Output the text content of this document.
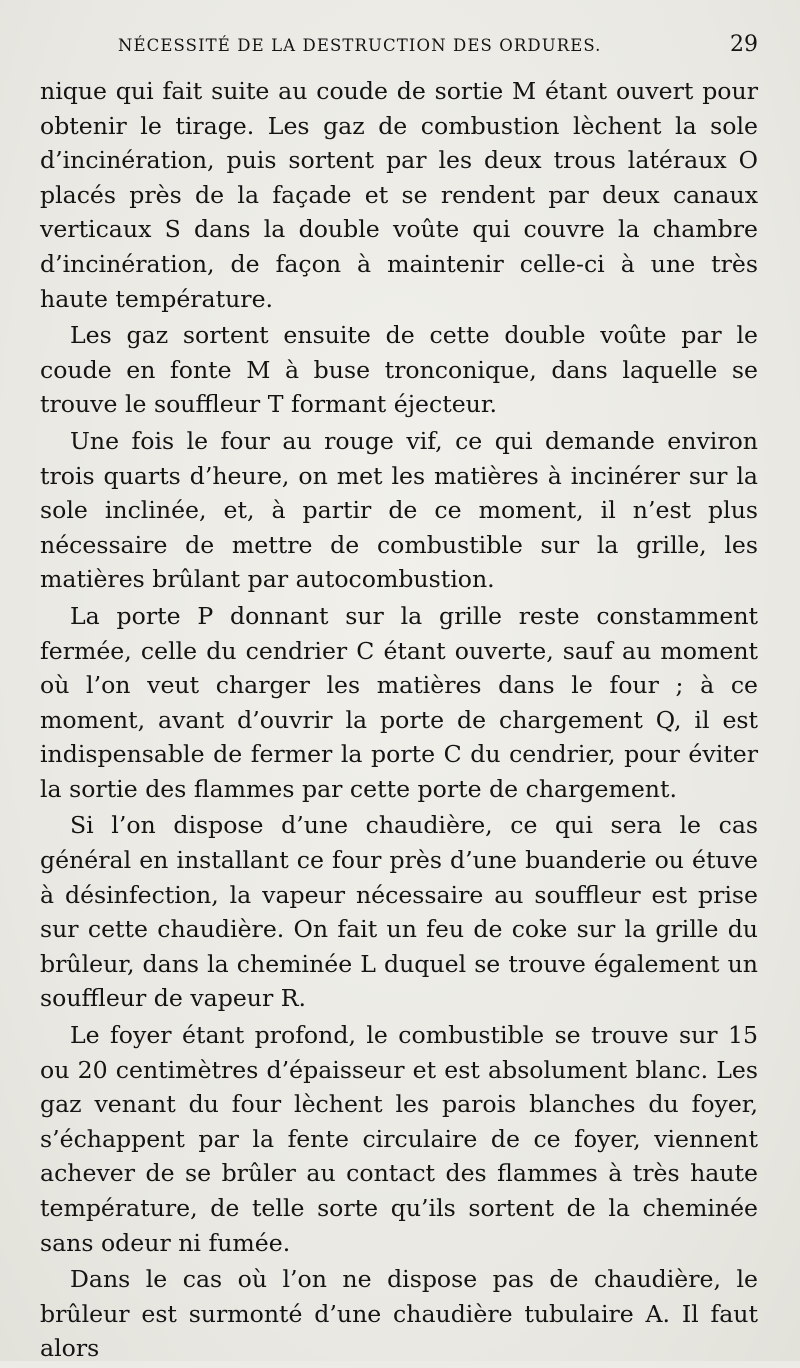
NÉCESSITÉ DE LA DESTRUCTION DES ORDURES.	29

nique qui fait suite au coude de sortie M étant ouvert pour obtenir le tirage. Les gaz de combustion lèchent la sole d’incinération, puis sortent par les deux trous latéraux O placés près de la façade et se rendent par deux canaux verticaux S dans la double voûte qui couvre la chambre d’incinération, de façon à maintenir celle-ci à une très haute température.

Les gaz sortent ensuite de cette double voûte par le coude en fonte M à buse tronconique, dans laquelle se trouve le souffleur T formant éjecteur.

Une fois le four au rouge vif, ce qui demande environ trois quarts d’heure, on met les matières à incinérer sur la sole inclinée, et, à partir de ce moment, il n’est plus nécessaire de mettre de combustible sur la grille, les matières brûlant par autocombustion.

La porte P donnant sur la grille reste constamment fermée, celle du cendrier C étant ouverte, sauf au moment où l’on veut charger les matières dans le four ; à ce moment, avant d’ouvrir la porte de chargement Q, il est indispensable de fermer la porte C du cendrier, pour éviter la sortie des flammes par cette porte de chargement.

Si l’on dispose d’une chaudière, ce qui sera le cas général en installant ce four près d’une buanderie ou étuve à désinfection, la vapeur nécessaire au souffleur est prise sur cette chaudière. On fait un feu de coke sur la grille du brûleur, dans la cheminée L duquel se trouve également un souffleur de vapeur R.

Le foyer étant profond, le combustible se trouve sur 15 ou 20 centimètres d’épaisseur et est absolument blanc. Les gaz venant du four lèchent les parois blanches du foyer, s’échappent par la fente circulaire de ce foyer, viennent achever de se brûler au contact des flammes à très haute température, de telle sorte qu’ils sortent de la cheminée sans odeur ni fumée.

Dans le cas où l’on ne dispose pas de chaudière, le brûleur est surmonté d’une chaudière tubulaire A. Il faut alors
